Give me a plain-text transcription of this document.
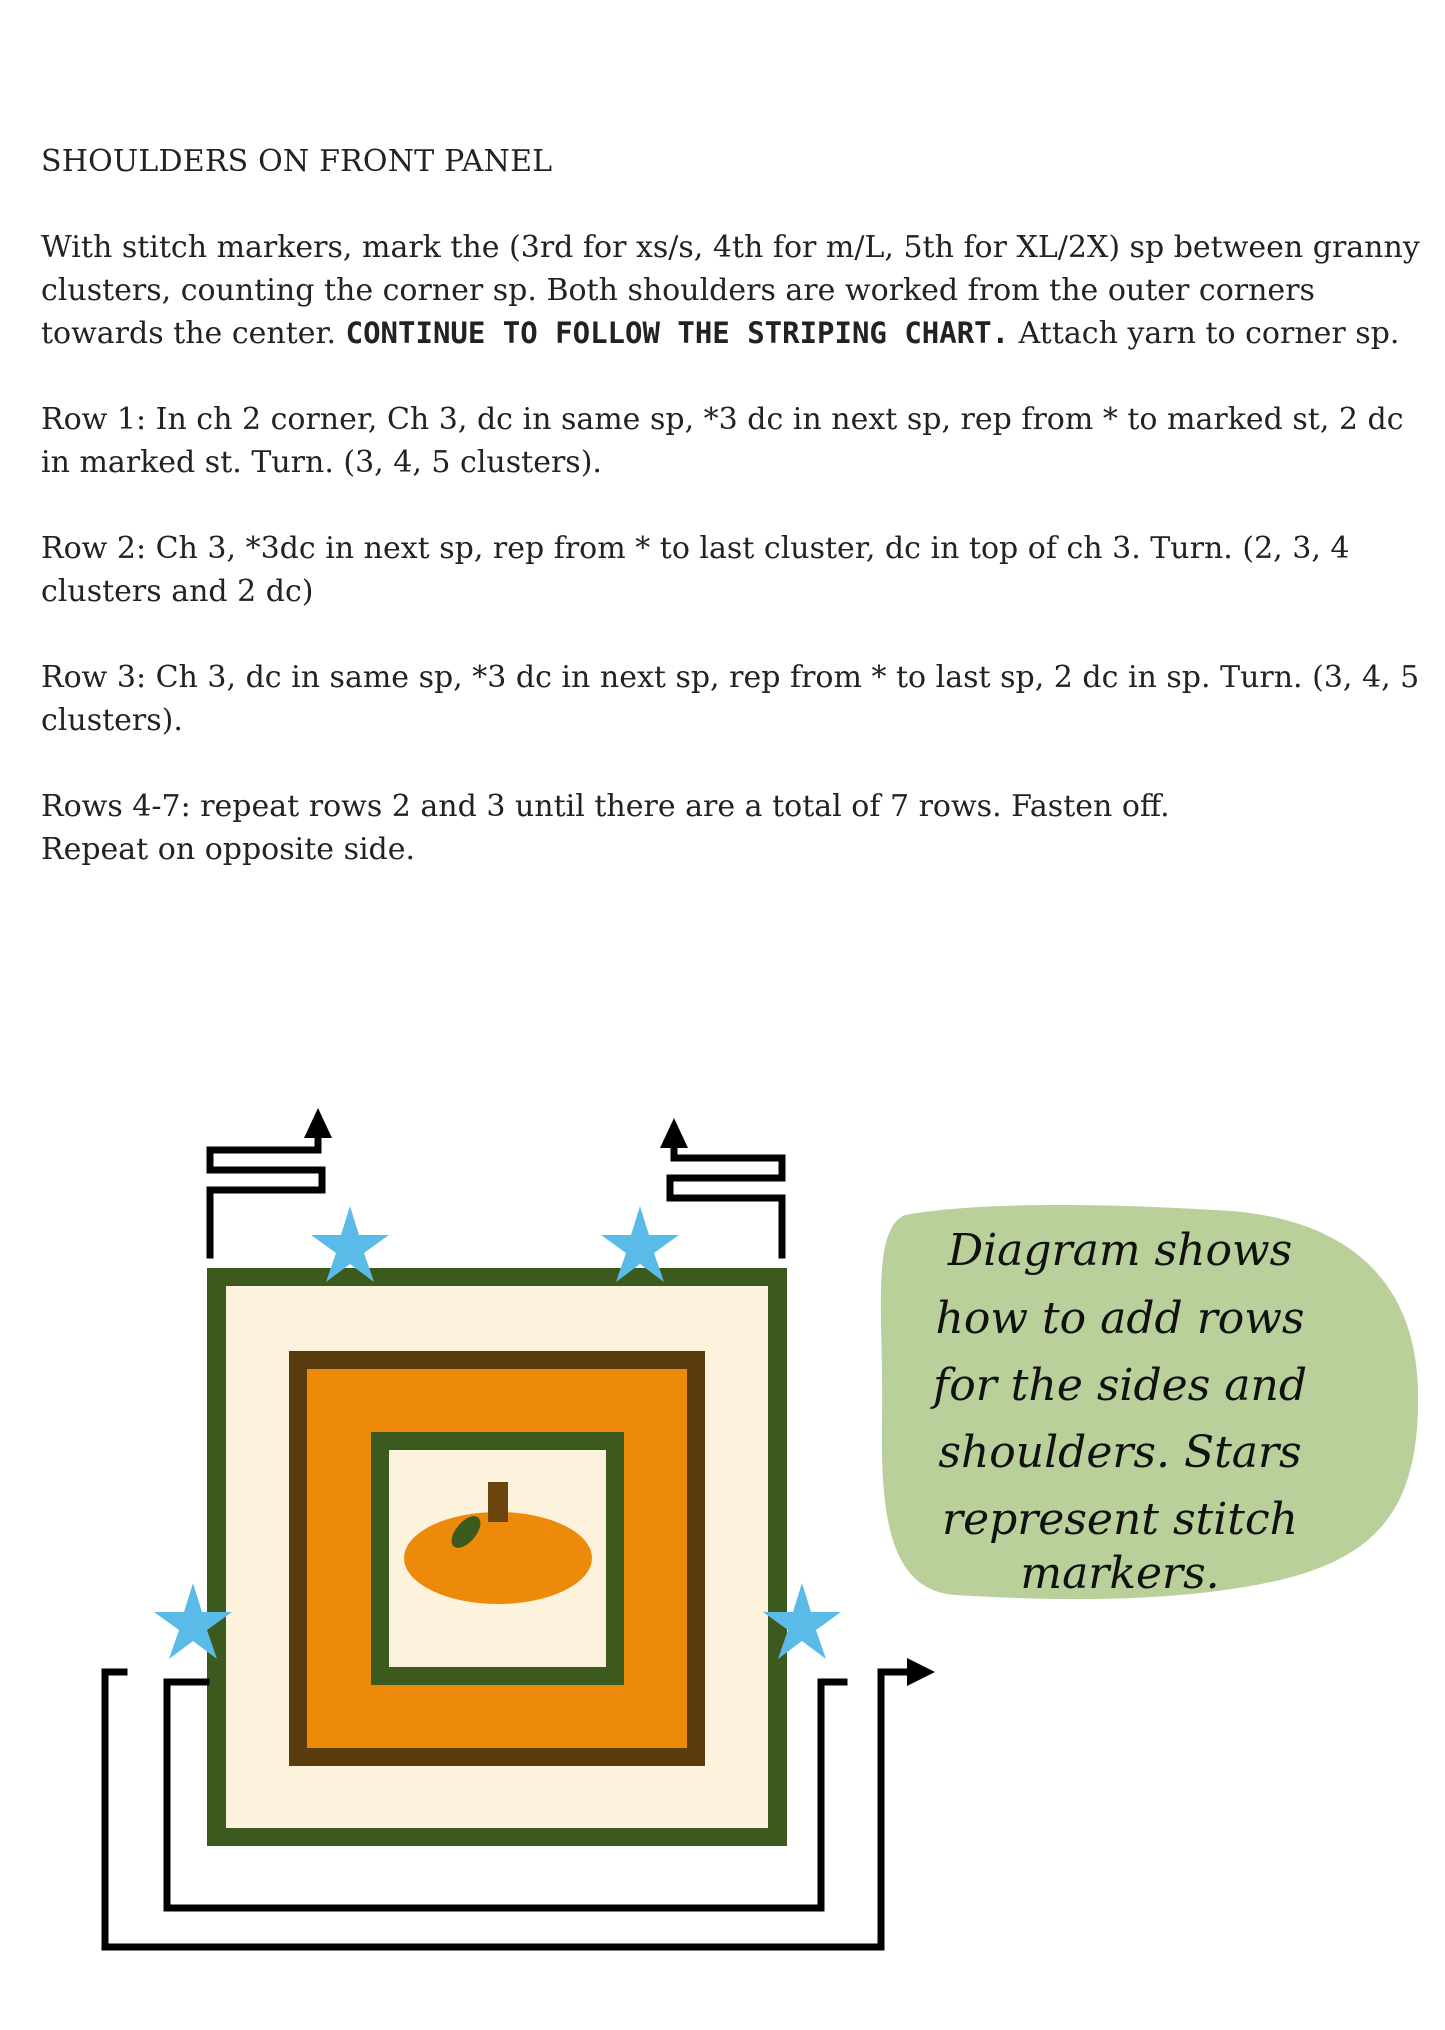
SHOULDERS ON FRONT PANEL

With stitch markers, mark the (3rd for xs/s, 4th for m/L, 5th for XL/2X) sp between granny clusters, counting the corner sp. Both shoulders are worked from the outer corners towards the center. CONTINUE TO FOLLOW THE STRIPING CHART. Attach yarn to corner sp.

Row 1: In ch 2 corner, Ch 3, dc in same sp, *3 dc in next sp, rep from * to marked st, 2 dc in marked st. Turn. (3, 4, 5 clusters).

Row 2: Ch 3, *3dc in next sp, rep from * to last cluster, dc in top of ch 3. Turn. (2, 3, 4 clusters and 2 dc)

Row 3: Ch 3, dc in same sp, *3 dc in next sp, rep from * to last sp, 2 dc in sp. Turn. (3, 4, 5 clusters).

Rows 4-7: repeat rows 2 and 3 until there are a total of 7 rows. Fasten off.
Repeat on opposite side.

Diagram shows
how to add rows
for the sides and
shoulders. Stars
represent stitch
markers.
